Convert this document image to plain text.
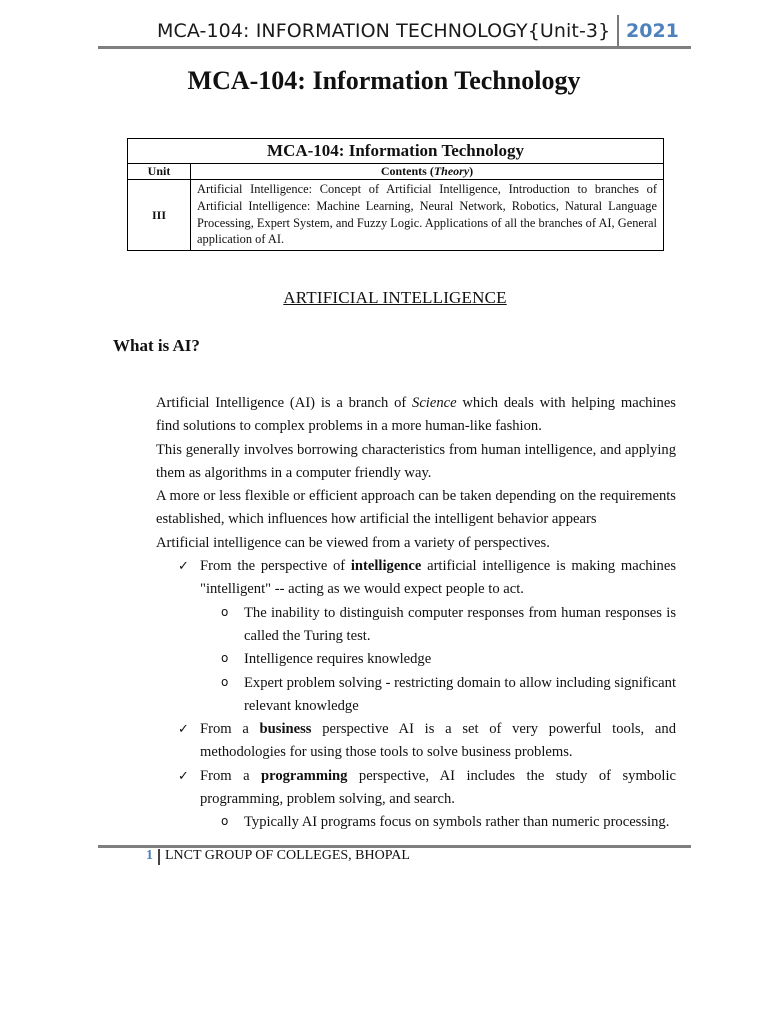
MCA-104: INFORMATION TECHNOLOGY{Unit-3} 2021
MCA-104: Information Technology
MCA-104: Information Technology	
Unit	Contents (Theory)
III	Artificial Intelligence: Concept of Artificial Intelligence, Introduction to branches of Artificial Intelligence: Machine Learning, Neural Network, Robotics, Natural Language Processing, Expert System, and Fuzzy Logic. Applications of all the branches of AI, General application of AI.
ARTIFICIAL INTELLIGENCE
What is AI?
Artificial Intelligence (AI) is a branch of Science which deals with helping machines find solutions to complex problems in a more human-like fashion.
This generally involves borrowing characteristics from human intelligence, and applying them as algorithms in a computer friendly way.
A more or less flexible or efficient approach can be taken depending on the requirements established, which influences how artificial the intelligent behavior appears
Artificial intelligence can be viewed from a variety of perspectives.
✓ From the perspective of intelligence artificial intelligence is making machines "intelligent" -- acting as we would expect people to act.
o The inability to distinguish computer responses from human responses is called the Turing test.
o Intelligence requires knowledge
o Expert problem solving - restricting domain to allow including significant relevant knowledge
✓ From a business perspective AI is a set of very powerful tools, and methodologies for using those tools to solve business problems.
✓ From a programming perspective, AI includes the study of symbolic programming, problem solving, and search.
o Typically AI programs focus on symbols rather than numeric processing.
1 LNCT GROUP OF COLLEGES, BHOPAL
